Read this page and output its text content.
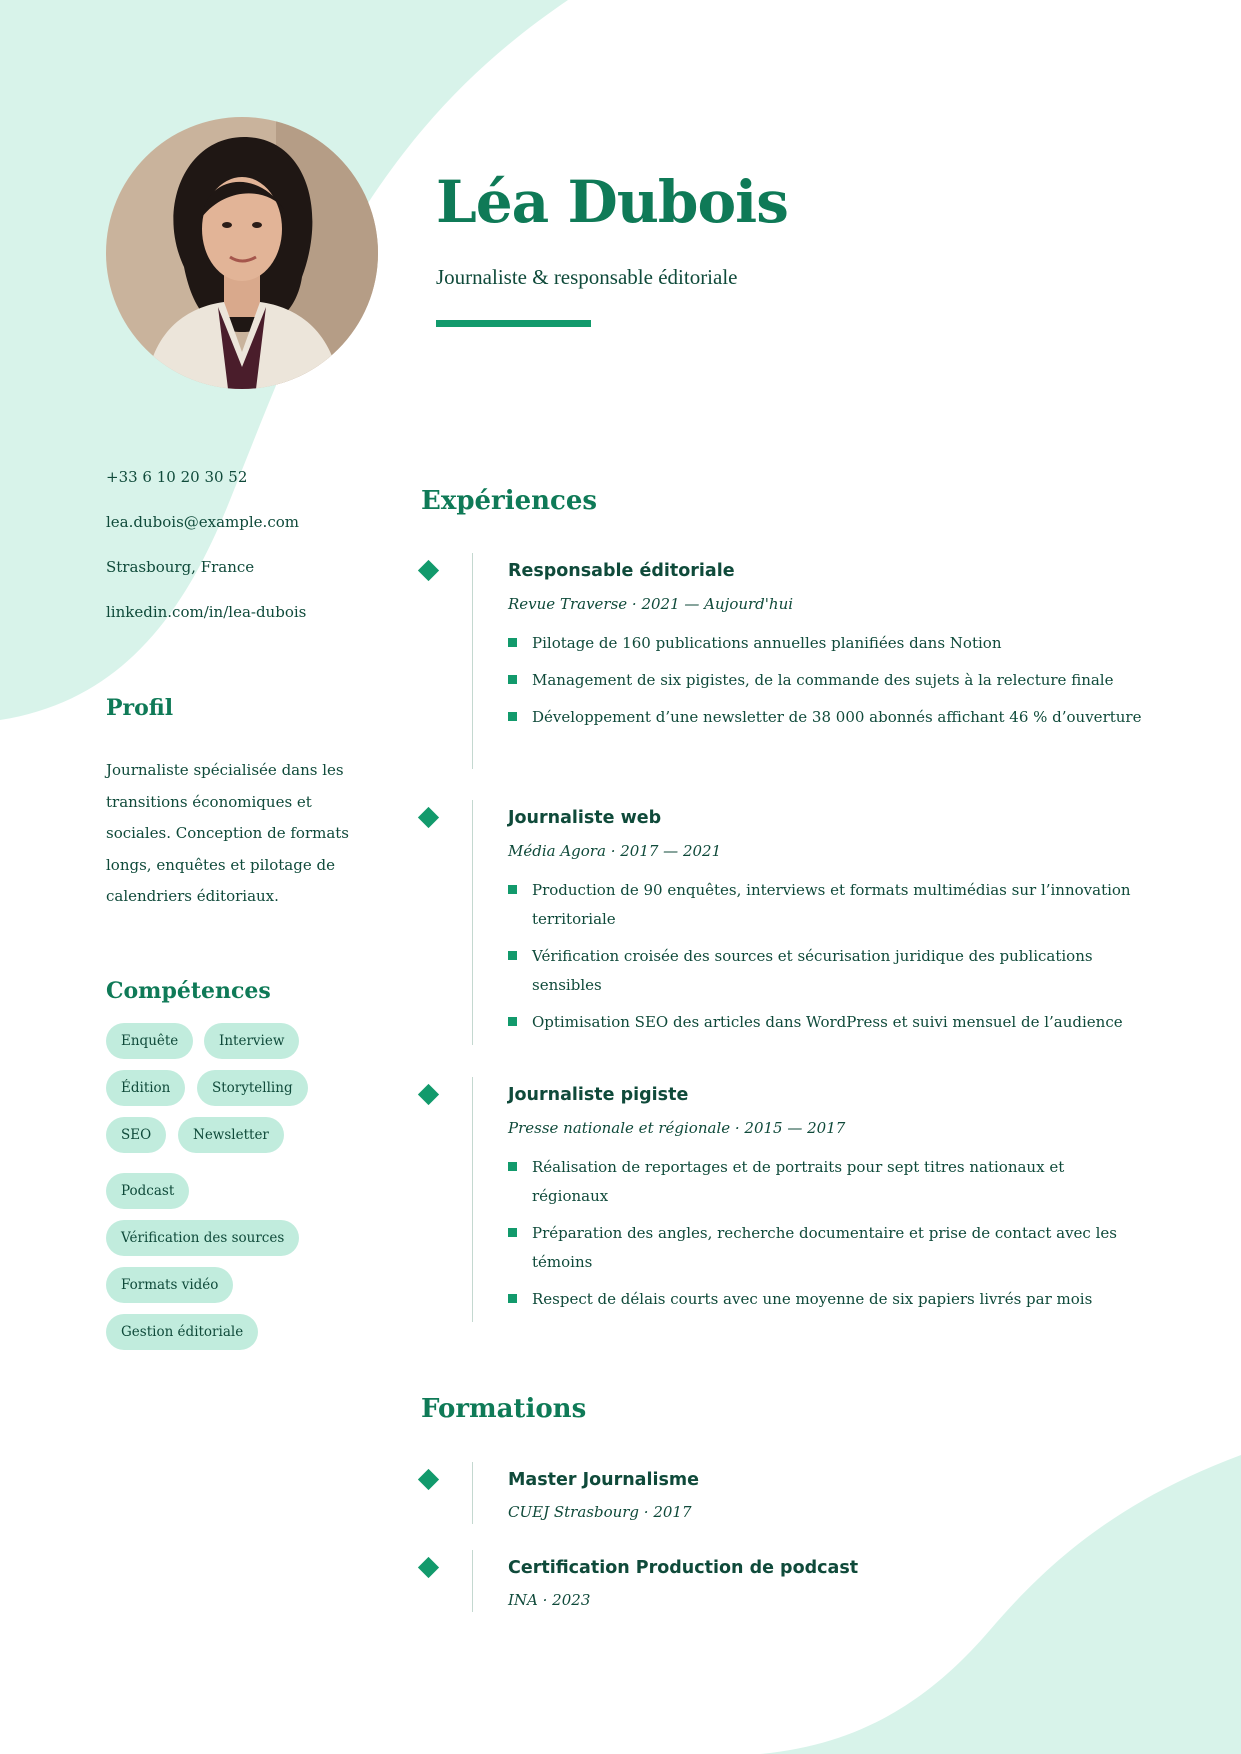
Léa Dubois
Journaliste & responsable éditoriale
+33 6 10 20 30 52
lea.dubois@example.com
Strasbourg, France
linkedin.com/in/lea-dubois
Profil

Journaliste spécialisée dans les transitions économiques et sociales. Conception de formats longs, enquêtes et pilotage de calendriers éditoriaux.

Compétences
Enquête	Interview
Édition	Storytelling
SEO	Newsletter
Podcast
Vérification des sources
Formats vidéo
Gestion éditoriale
Expériences
Responsable éditoriale
Revue Traverse · 2021 — Aujourd'hui
Pilotage de 160 publications annuelles planifiées dans Notion
Management de six pigistes, de la commande des sujets à la relecture finale
Développement d’une newsletter de 38 000 abonnés affichant 46 % d’ouverture
Journaliste web
Média Agora · 2017 — 2021
Production de 90 enquêtes, interviews et formats multimédias sur l’innovation territoriale
Vérification croisée des sources et sécurisation juridique des publications sensibles
Optimisation SEO des articles dans WordPress et suivi mensuel de l’audience
Journaliste pigiste
Presse nationale et régionale · 2015 — 2017
Réalisation de reportages et de portraits pour sept titres nationaux et régionaux
Préparation des angles, recherche documentaire et prise de contact avec les témoins
Respect de délais courts avec une moyenne de six papiers livrés par mois
Formations
Master Journalisme
CUEJ Strasbourg · 2017
Certification Production de podcast
INA · 2023
